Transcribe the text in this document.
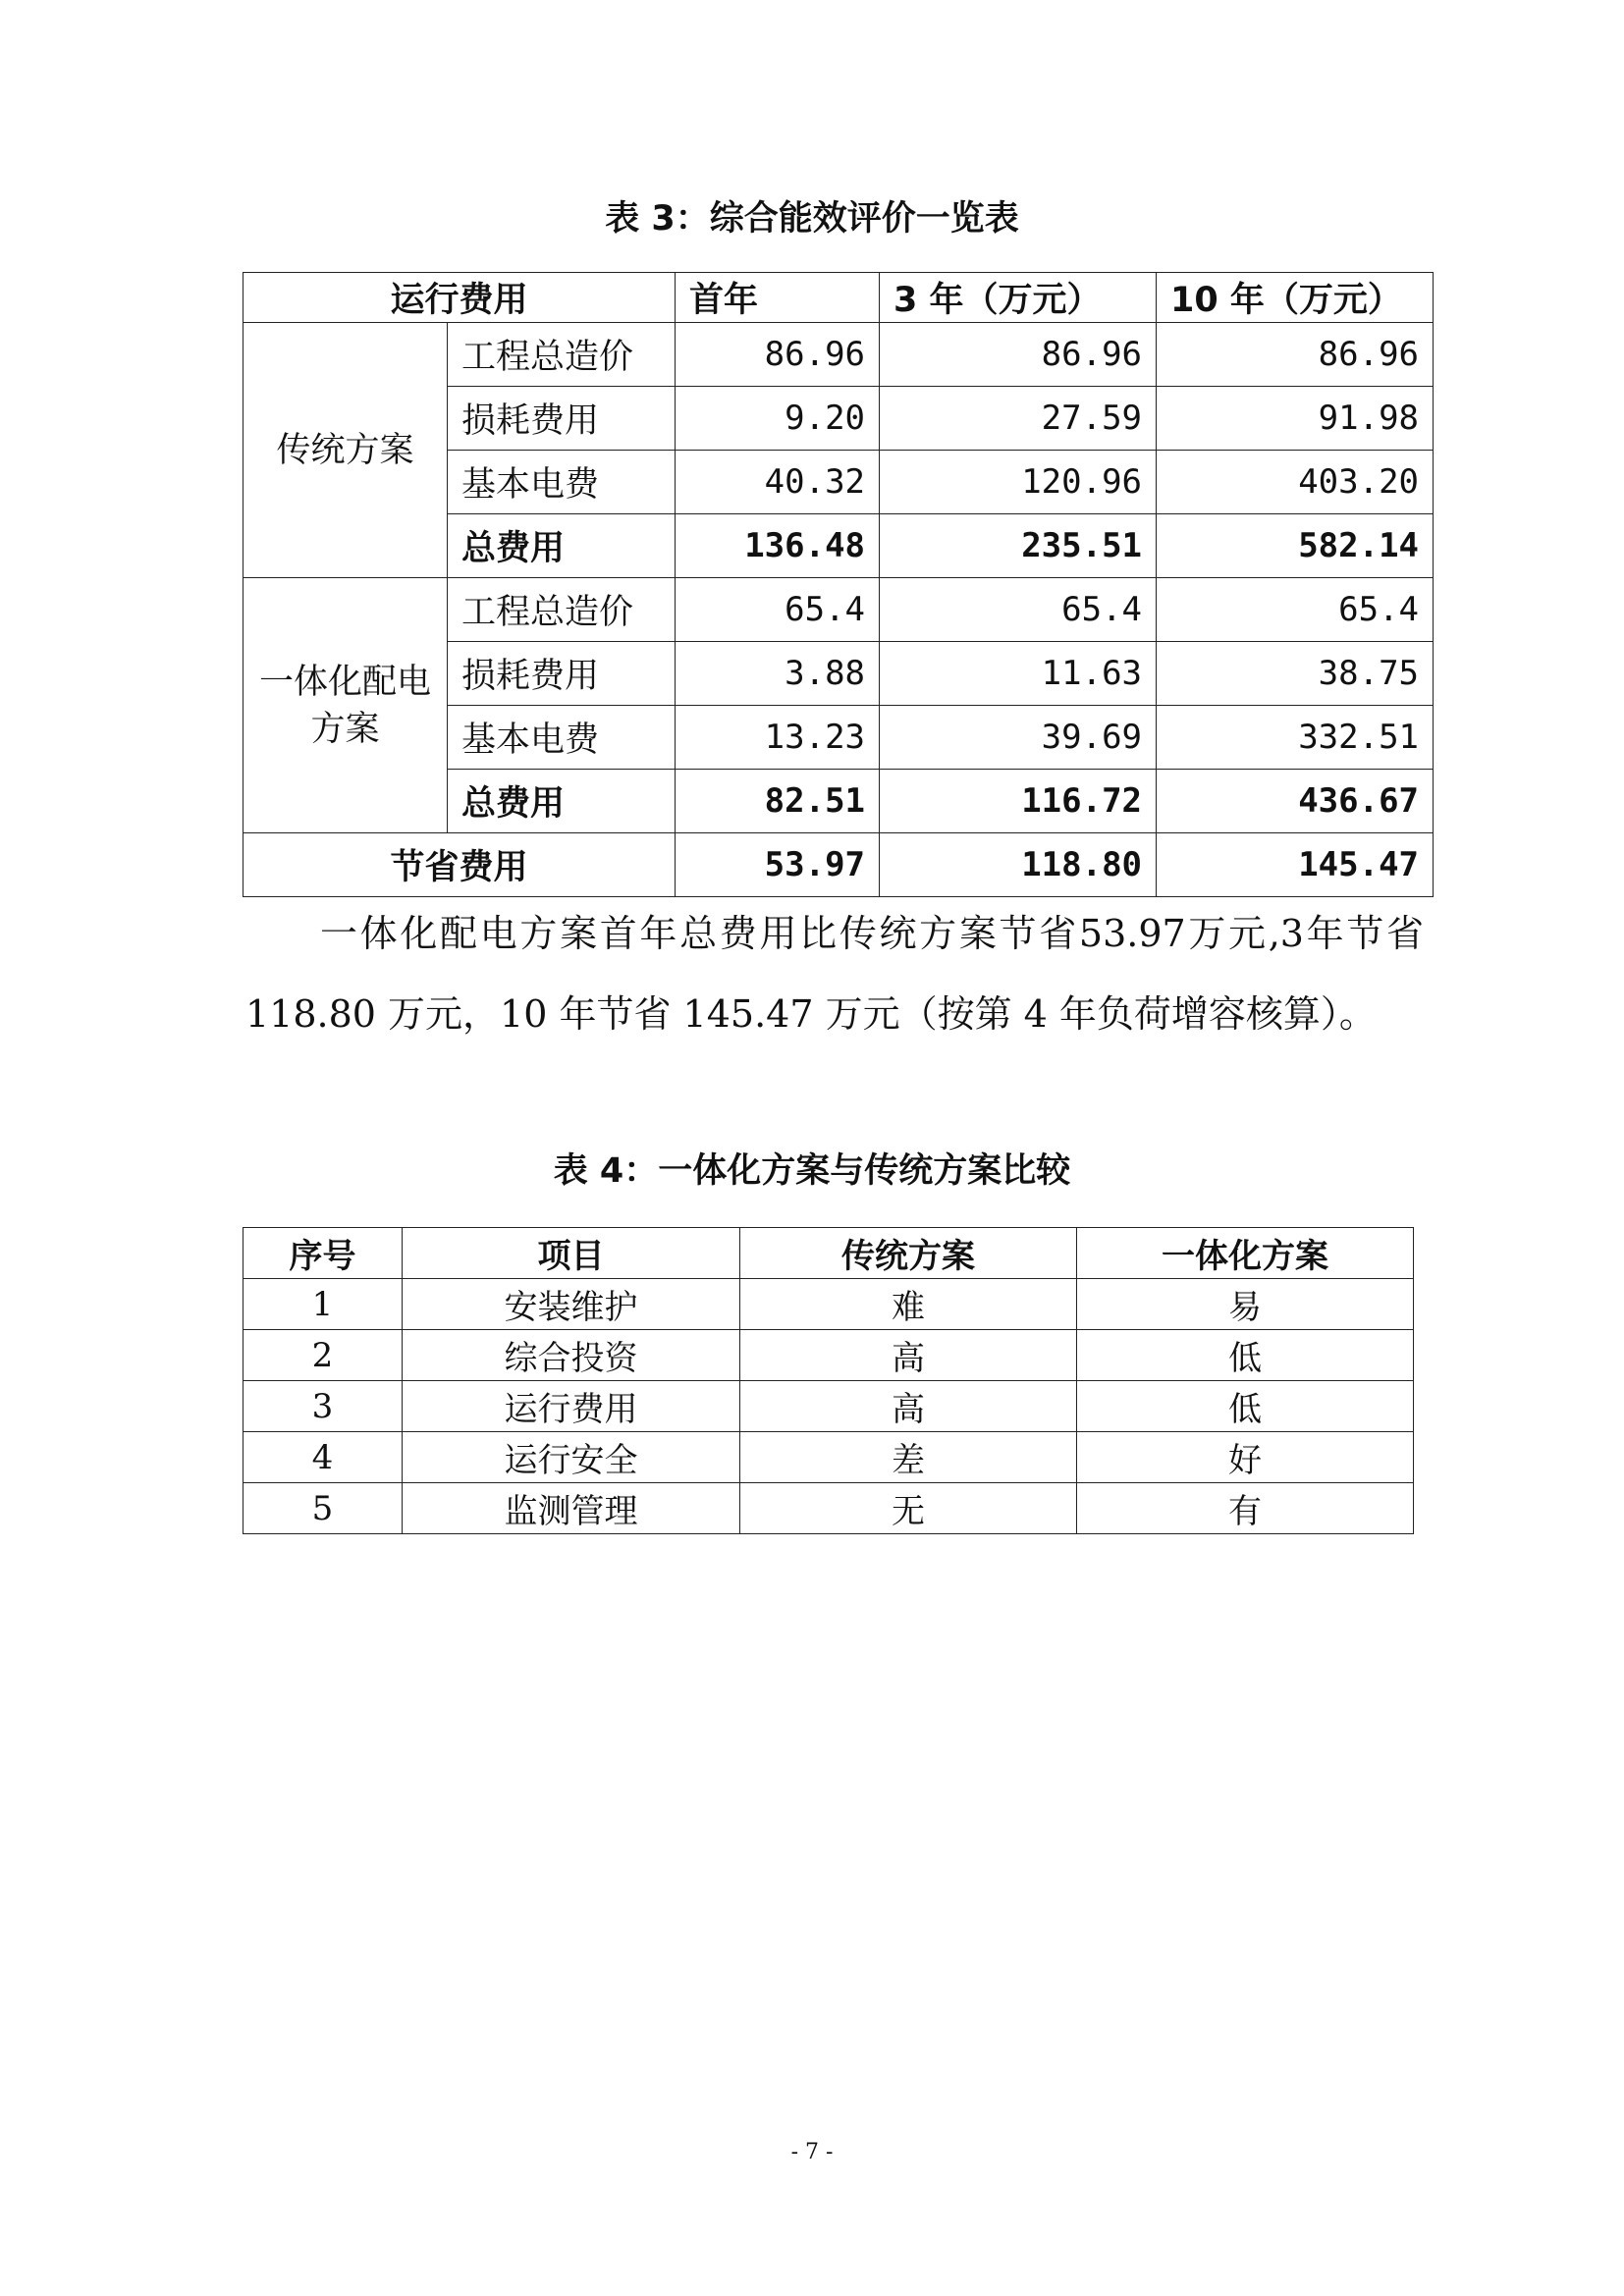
表 3：综合能效评价一览表
运行费用		首年	3 年（万元）	10 年（万元）
传统方案	工程总造价	86.96	86.96	86.96
	损耗费用	9.20	27.59	91.98
	基本电费	40.32	120.96	403.20
	总费用	136.48	235.51	582.14
一体化配电方案	工程总造价	65.4	65.4	65.4
	损耗费用	3.88	11.63	38.75
	基本电费	13.23	39.69	332.51
	总费用	82.51	116.72	436.67
节省费用		53.97	118.80	145.47

一体化配电方案首年总费用比传统方案节省53.97万元,3年节省 118.80 万元，10 年节省 145.47 万元（按第 4 年负荷增容核算）。

表 4：一体化方案与传统方案比较
序号	项目	传统方案	一体化方案
1	安装维护	难	易
2	综合投资	高	低
3	运行费用	高	低
4	运行安全	差	好
5	监测管理	无	有
- 7 -
